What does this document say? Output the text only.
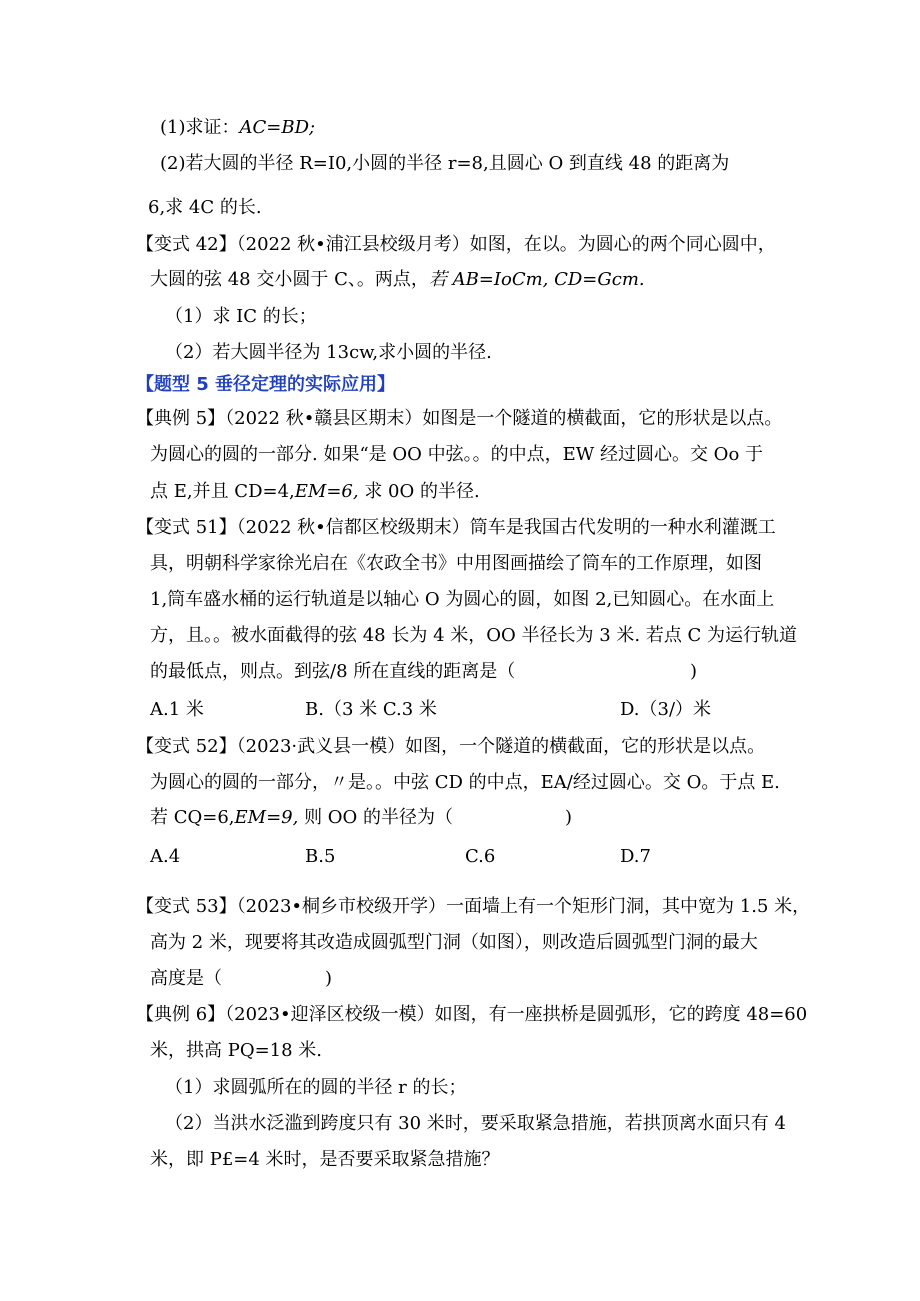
(1)求证：AC=BD;
(2)若大圆的半径 R=I0,小圆的半径 r=8,且圆心 O 到直线 48 的距离为
6,求 4C 的长.
【变式 42】（2022 秋•浦江县校级月考）如图，在以。为圆心的两个同心圆中，
大圆的弦 48 交小圆于 C、。两点，若 AB=IoCm, CD=Gcm.
（1）求 IC 的长；
（2）若大圆半径为 13cw,求小圆的半径.
【题型 5 垂径定理的实际应用】
【典例 5】（2022 秋•赣县区期末）如图是一个隧道的横截面，它的形状是以点。
为圆心的圆的一部分. 如果“是 OO 中弦。。的中点，EW 经过圆心。交 Oo 于
点 E,并且 CD=4,EM=6, 求 0O 的半径.
【变式 51】（2022 秋•信都区校级期末）筒车是我国古代发明的一种水利灌溉工
具，明朝科学家徐光启在《农政全书》中用图画描绘了筒车的工作原理，如图
1,筒车盛水桶的运行轨道是以轴心 O 为圆心的圆，如图 2,已知圆心。在水面上
方，且。。被水面截得的弦 48 长为 4 米，OO 半径长为 3 米. 若点 C 为运行轨道
的最低点，则点。到弦/8 所在直线的距离是（	)
A.1 米	B.（3 米 C.3 米	D.（3/）米
【变式 52】（2023·武义县一模）如图，一个隧道的横截面，它的形状是以点。
为圆心的圆的一部分，〃是。。中弦 CD 的中点，EA/经过圆心。交 O。于点 E.
若 CQ=6,EM=9, 则 OO 的半径为（	)
A.4	B.5	C.6	D.7
【变式 53】（2023•桐乡市校级开学）一面墙上有一个矩形门洞，其中宽为 1.5 米，
高为 2 米，现要将其改造成圆弧型门洞（如图），则改造后圆弧型门洞的最大
高度是（	)
【典例 6】（2023•迎泽区校级一模）如图，有一座拱桥是圆弧形，它的跨度 48=60
米，拱高 PQ=18 米.
（1）求圆弧所在的圆的半径 r 的长；
（2）当洪水泛滥到跨度只有 30 米时，要采取紧急措施，若拱顶离水面只有 4
米，即 P£=4 米时，是否要采取紧急措施？
